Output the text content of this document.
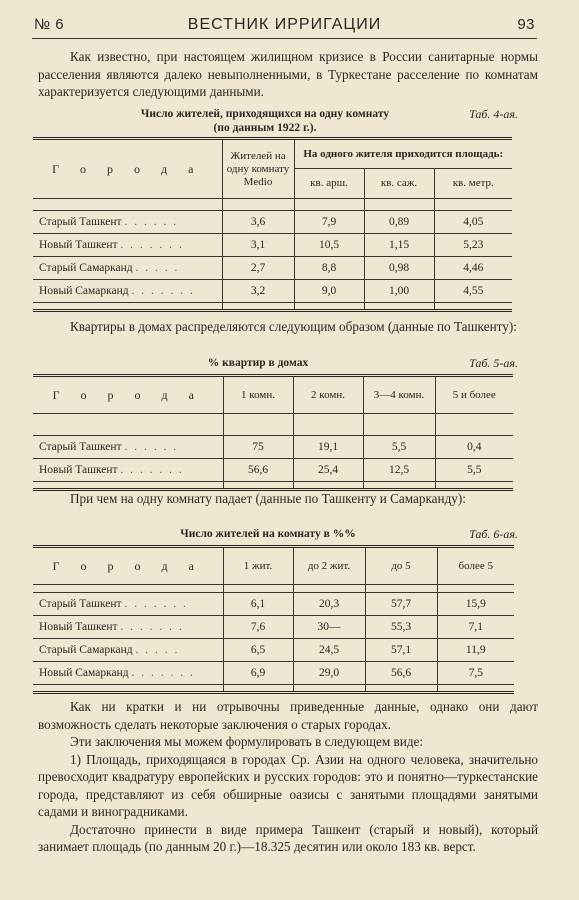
№ 6	ВЕСТНИК ИРРИГАЦИИ	93

Как известно, при настоящем жилищном кризисе в России санитарные нормы расселения являются далеко невыполненными, в Туркестане расселение по комнатам характеризуется следующими данными.

Число жителей, приходящихся на одну комнату
(по данным 1922 г.).
Таб. 4-ая.
Г о р о д а	Жителей на одну комнату Medio	На одного жителя приходится площадь:		
		кв. арш.	кв. саж.	кв. метр.

Старый Ташкент . . . . . .	3,6	7,9	0,89	4,05
Новый Ташкент . . . . . . .	3,1	10,5	1,15	5,23
Старый Самарканд . . . . .	2,7	8,8	0,98	4,46
Новый Самарканд . . . . . . .	3,2	9,0	1,00	4,55

Квартиры в домах распределяются следующим образом (данные по Ташкенту):

% квартир в домах	Таб. 5-ая.
Г о р о д а	1 комн.	2 комн.	3—4 комн.	5 и более

Старый Ташкент . . . . . .	75	19,1	5,5	0,4
Новый Ташкент . . . . . . .	56,6	25,4	12,5	5,5

При чем на одну комнату падает (данные по Ташкенту и Самарканду):

Число жителей на комнату в %%	Таб. 6-ая.
Г о р о д а	1 жит.	до 2 жит.	до 5	более 5

Старый Ташкент . . . . . . .	6,1	20,3	57,7	15,9
Новый Ташкент . . . . . . .	7,6	30—	55,3	7,1
Старый Самарканд . . . . .	6,5	24,5	57,1	11,9
Новый Самарканд . . . . . . .	6,9	29,0	56,6	7,5

Как ни кратки и ни отрывочны приведенные данные, однако они дают возможность сделать некоторые заключения о старых городах.

Эти заключения мы можем формулировать в следующем виде:

1) Площадь, приходящаяся в городах Ср. Азии на одного человека, значительно превосходит квадратуру европейских и русских городов: это и понятно—туркестанские города, представляют из себя обширные оазисы с занятыми площадями занятыми садами и виноградниками.

Достаточно принести в виде примера Ташкент (старый и новый), который занимает площадь (по данным 20 г.)—18.325 десятин или около 183 кв. верст.
